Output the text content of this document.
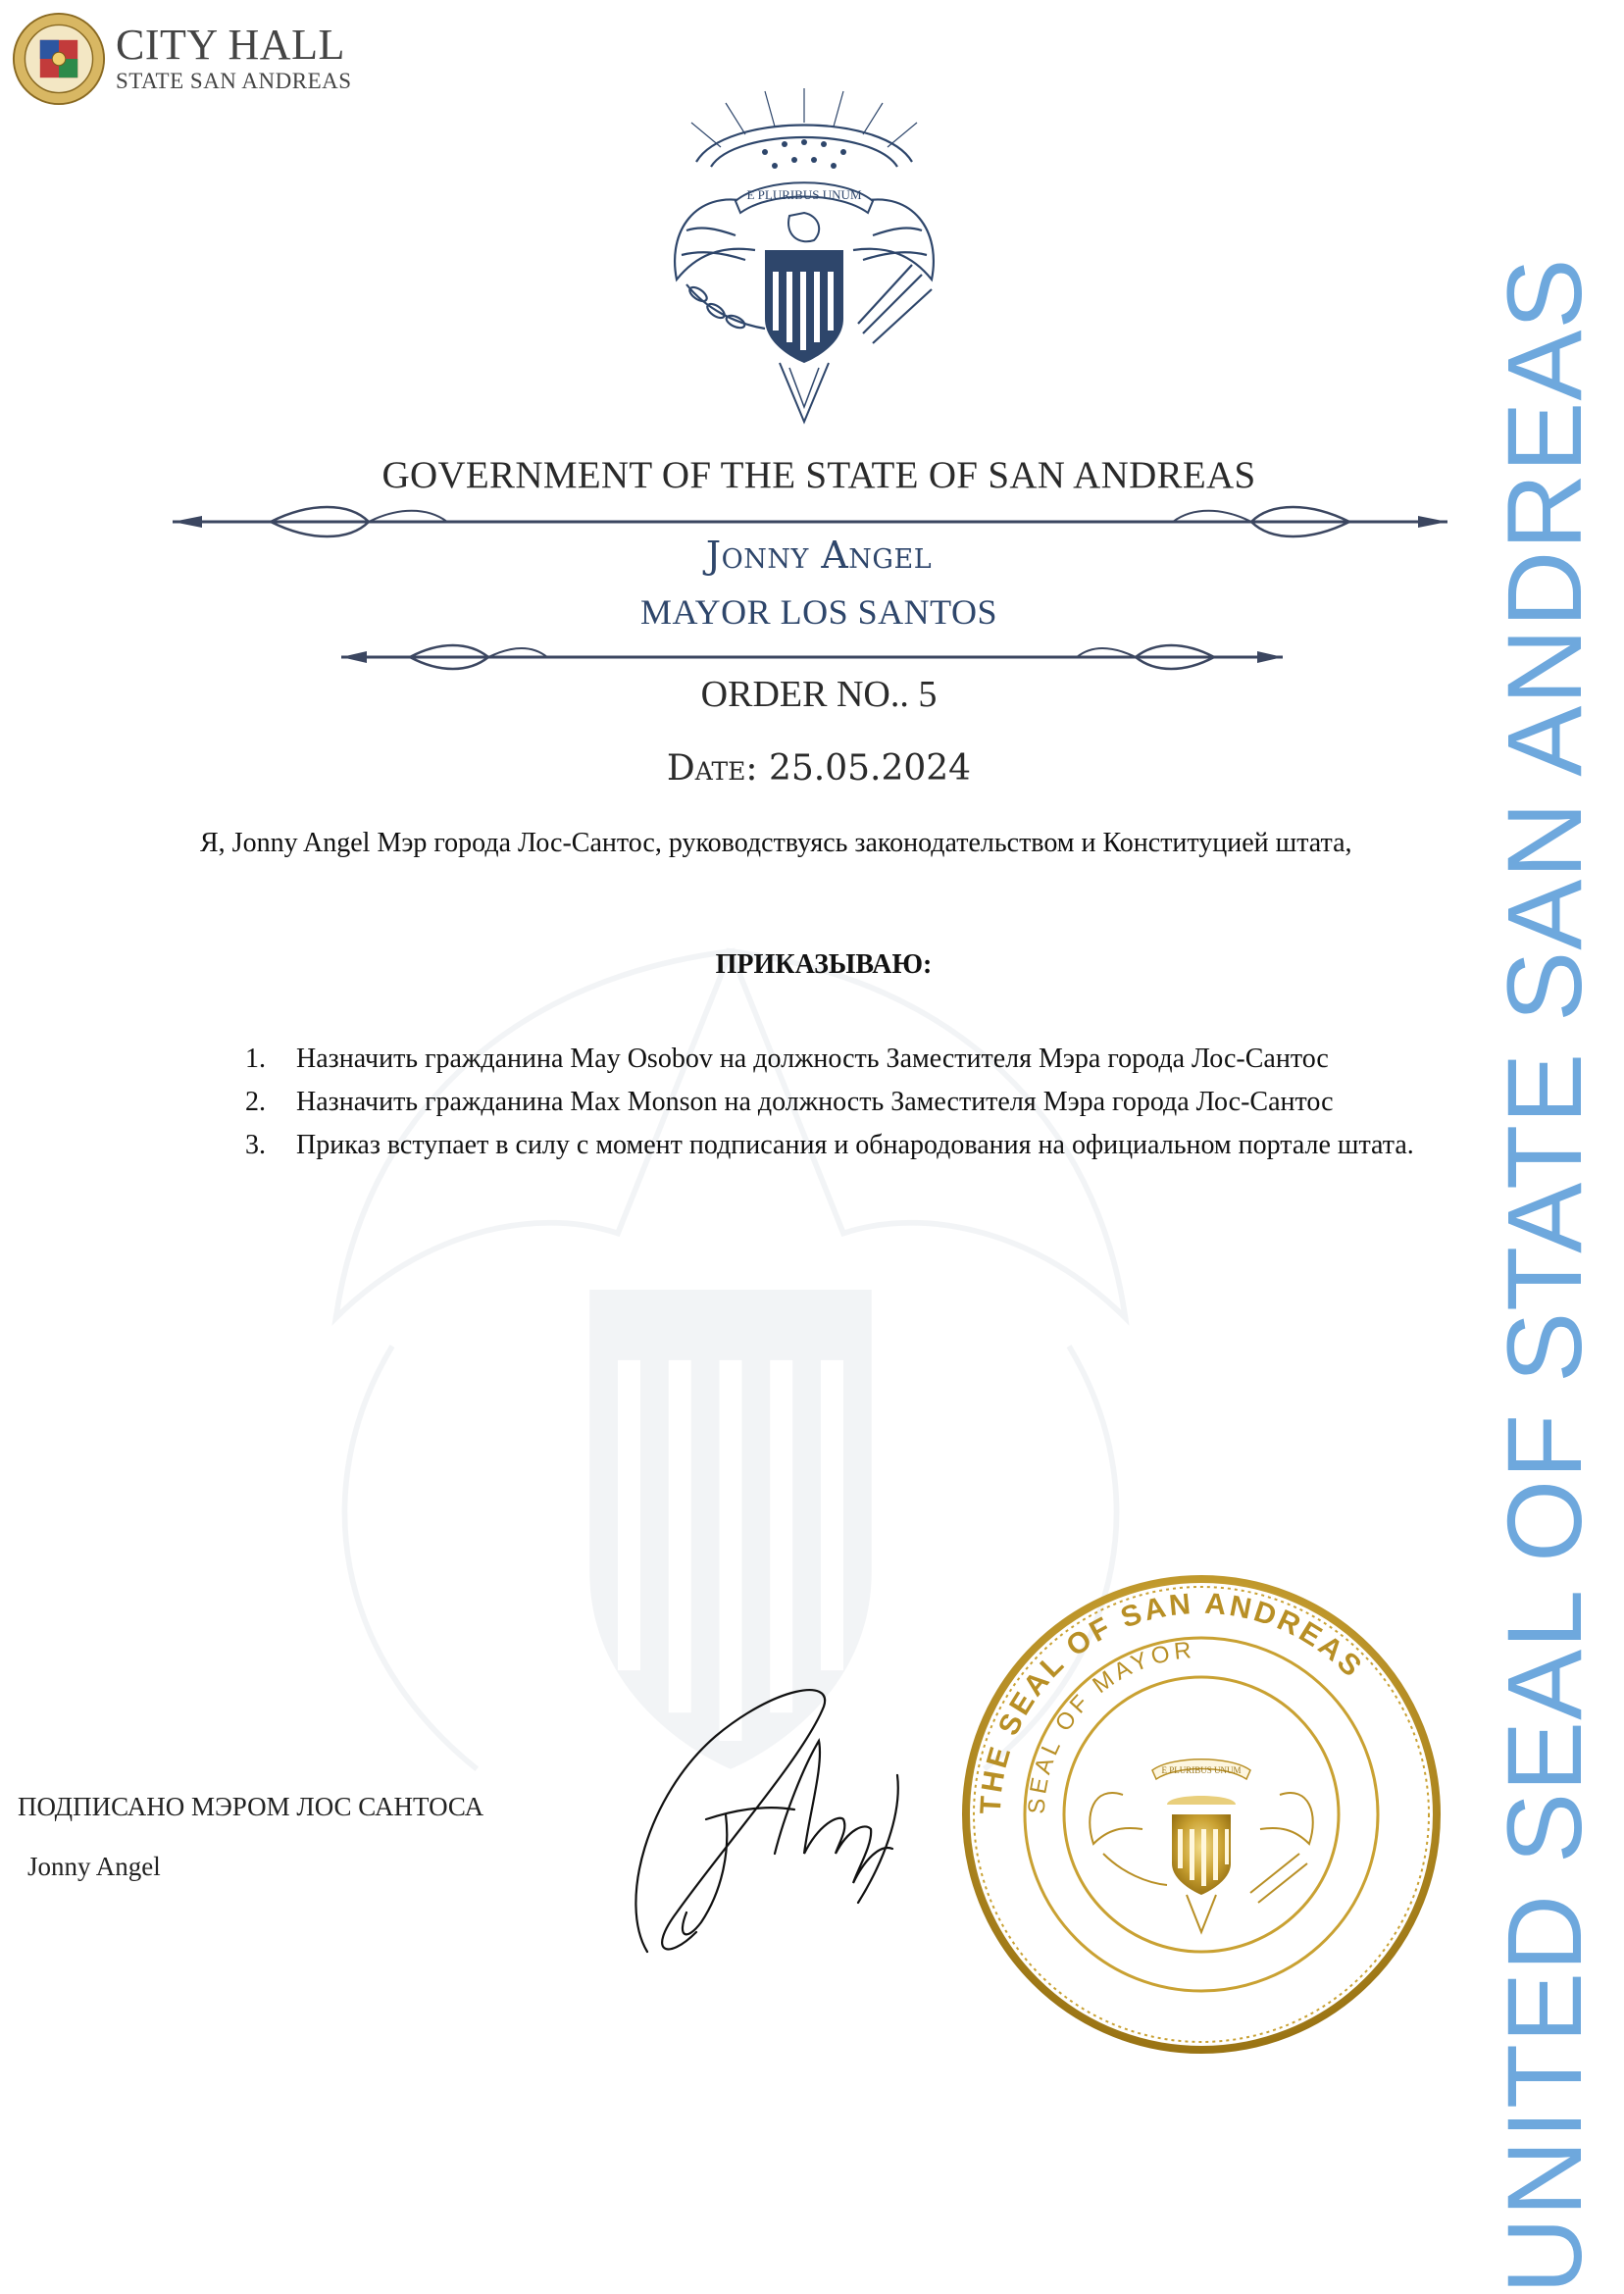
CITY HALL
STATE SAN ANDREAS
E PLURIBUS UNUM
GOVERNMENT OF THE STATE OF SAN ANDREAS
Jonny Angel
MAYOR LOS SANTOS
ORDER NO.. 5
Date: 25.05.2024
Я, Jonny Angel Мэр города Лос-Сантос, руководствуясь законодательством и Конституцией штата,
ПРИКАЗЫВАЮ:
1.	Назначить гражданина May Osobov на должность Заместителя Мэра города Лос-Сантос
2.	Назначить гражданина Max Monson на должность Заместителя Мэра города Лос-Сантос
3.	Приказ вступает в силу с момент подписания и обнародования на официальном портале штата.
ПОДПИСАНО МЭРОМ ЛОС САНТОСА
Jonny Angel
THE SEAL OF SAN ANDREAS
SEAL OF MAYOR
E PLURIBUS UNUM UNITED SEAL OF STATE SAN ANDREAS
